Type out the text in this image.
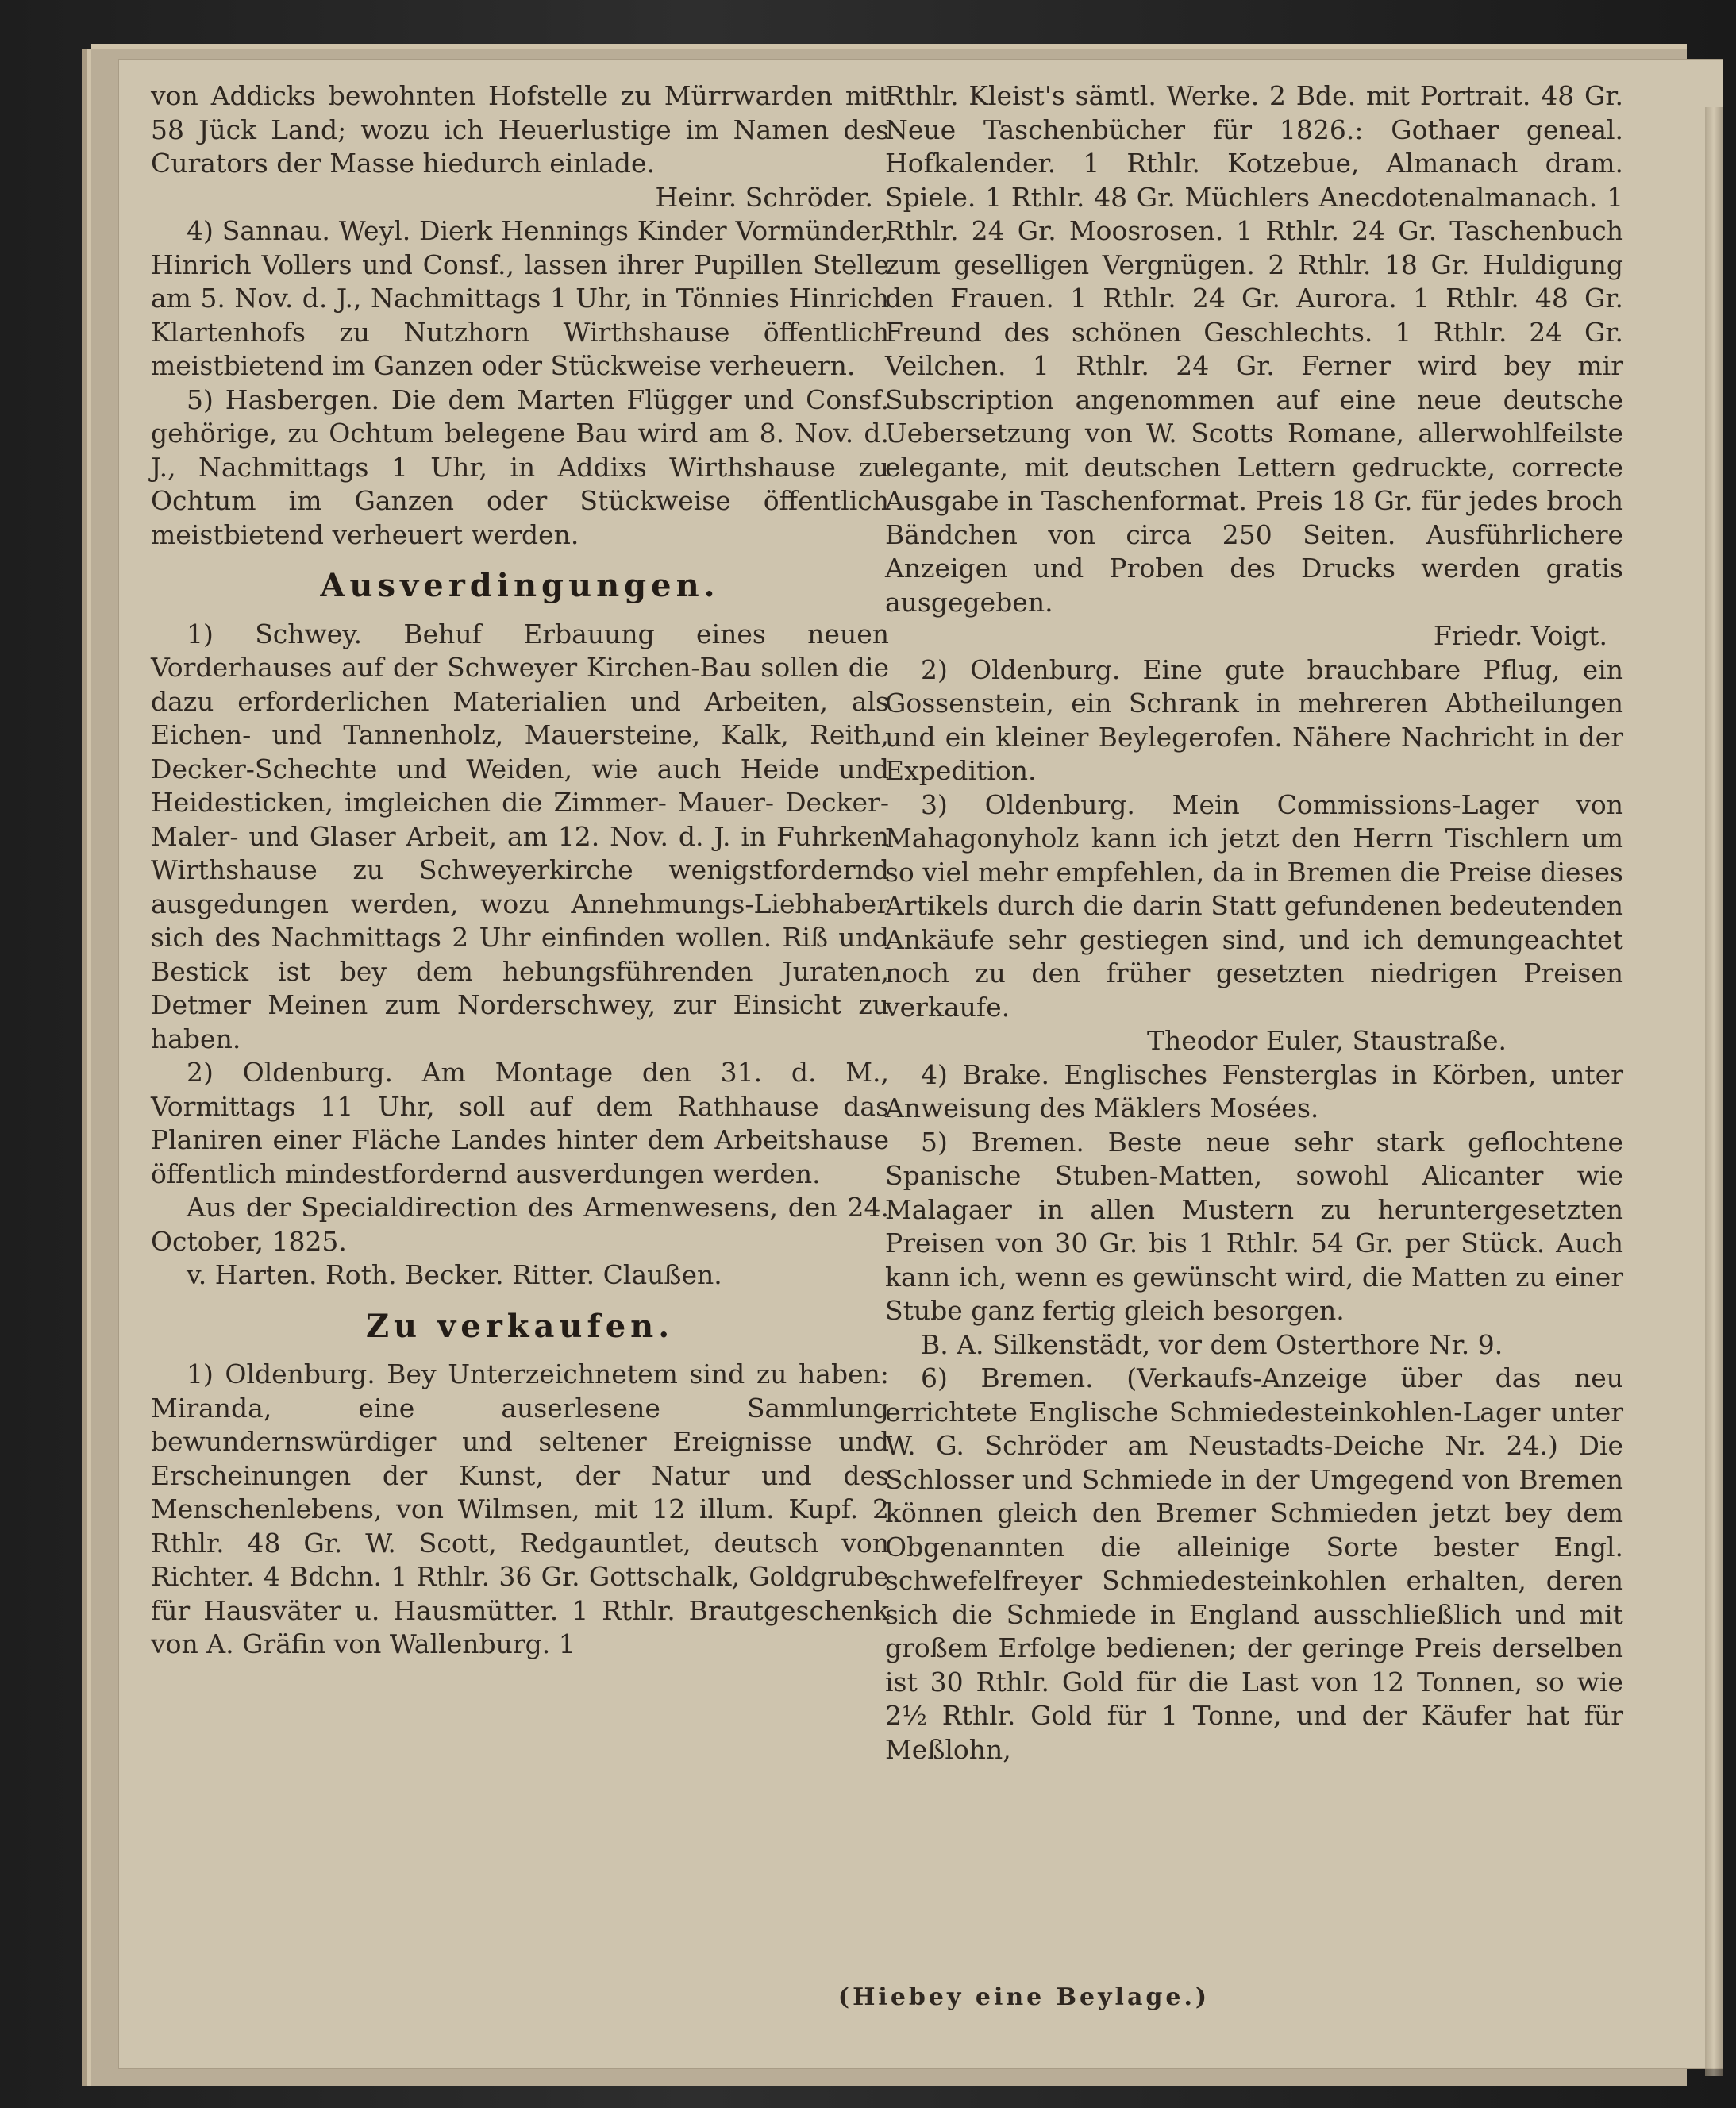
von Addicks bewohnten Hofstelle zu Mürrwarden mit 58 Jück Land; wozu ich Heuerlustige im Namen des Curators der Masse hiedurch einlade.

Heinr. Schröder.

4) Sannau. Weyl. Dierk Hennings Kinder Vormünder, Hinrich Vollers und Consf., lassen ihrer Pupillen Stelle am 5. Nov. d. J., Nachmittags 1 Uhr, in Tönnies Hinrich Klartenhofs zu Nutzhorn Wirthshause öffentlich meistbietend im Ganzen oder Stückweise verheuern.

5) Hasbergen. Die dem Marten Flügger und Consf. gehörige, zu Ochtum belegene Bau wird am 8. Nov. d. J., Nachmittags 1 Uhr, in Addixs Wirthshause zu Ochtum im Ganzen oder Stückweise öffentlich meistbietend verheuert werden.

Ausverdingungen.

1) Schwey. Behuf Erbauung eines neuen Vorderhauses auf der Schweyer Kirchen-Bau sollen die dazu erforderlichen Materialien und Arbeiten, als Eichen- und Tannenholz, Mauersteine, Kalk, Reith, Decker-Schechte und Weiden, wie auch Heide und Heidesticken, imgleichen die Zimmer- Mauer- Decker- Maler- und Glaser Arbeit, am 12. Nov. d. J. in Fuhrken Wirthshause zu Schweyerkirche wenigstfordernd ausgedungen werden, wozu Annehmungs-Liebhaber sich des Nachmittags 2 Uhr einfinden wollen. Riß und Bestick ist bey dem hebungsführenden Juraten, Detmer Meinen zum Norderschwey, zur Einsicht zu haben.

2) Oldenburg. Am Montage den 31. d. M., Vormittags 11 Uhr, soll auf dem Rathhause das Planiren einer Fläche Landes hinter dem Arbeitshause öffentlich mindestfordernd ausverdungen werden.

Aus der Specialdirection des Armenwesens, den 24. October, 1825.

v. Harten. Roth. Becker. Ritter. Claußen.

Zu verkaufen.

1) Oldenburg. Bey Unterzeichnetem sind zu haben: Miranda, eine auserlesene Sammlung bewundernswürdiger und seltener Ereignisse und Erscheinungen der Kunst, der Natur und des Menschenlebens, von Wilmsen, mit 12 illum. Kupf. 2 Rthlr. 48 Gr. W. Scott, Redgauntlet, deutsch von Richter. 4 Bdchn. 1 Rthlr. 36 Gr. Gottschalk, Goldgrube für Hausväter u. Hausmütter. 1 Rthlr. Brautgeschenk von A. Gräfin von Wallenburg. 1

Rthlr. Kleist's sämtl. Werke. 2 Bde. mit Portrait. 48 Gr. Neue Taschenbücher für 1826.: Gothaer geneal. Hofkalender. 1 Rthlr. Kotzebue, Almanach dram. Spiele. 1 Rthlr. 48 Gr. Müchlers Anecdotenalmanach. 1 Rthlr. 24 Gr. Moosrosen. 1 Rthlr. 24 Gr. Taschenbuch zum geselligen Vergnügen. 2 Rthlr. 18 Gr. Huldigung den Frauen. 1 Rthlr. 24 Gr. Aurora. 1 Rthlr. 48 Gr. Freund des schönen Geschlechts. 1 Rthlr. 24 Gr. Veilchen. 1 Rthlr. 24 Gr. Ferner wird bey mir Subscription angenommen auf eine neue deutsche Uebersetzung von W. Scotts Romane, allerwohlfeilste elegante, mit deutschen Lettern gedruckte, correcte Ausgabe in Taschenformat. Preis 18 Gr. für jedes broch Bändchen von circa 250 Seiten. Ausführlichere Anzeigen und Proben des Drucks werden gratis ausgegeben.

Friedr. Voigt.

2) Oldenburg. Eine gute brauchbare Pflug, ein Gossenstein, ein Schrank in mehreren Abtheilungen und ein kleiner Beylegerofen. Nähere Nachricht in der Expedition.

3) Oldenburg. Mein Commissions-Lager von Mahagonyholz kann ich jetzt den Herrn Tischlern um so viel mehr empfehlen, da in Bremen die Preise dieses Artikels durch die darin Statt gefundenen bedeutenden Ankäufe sehr gestiegen sind, und ich demungeachtet noch zu den früher gesetzten niedrigen Preisen verkaufe.

Theodor Euler, Staustraße.

4) Brake. Englisches Fensterglas in Körben, unter Anweisung des Mäklers Mosées.

5) Bremen. Beste neue sehr stark geflochtene Spanische Stuben-Matten, sowohl Alicanter wie Malagaer in allen Mustern zu heruntergesetzten Preisen von 30 Gr. bis 1 Rthlr. 54 Gr. per Stück. Auch kann ich, wenn es gewünscht wird, die Matten zu einer Stube ganz fertig gleich besorgen.

B. A. Silkenstädt, vor dem Osterthore Nr. 9.

6) Bremen. (Verkaufs-Anzeige über das neu errichtete Englische Schmiedesteinkohlen-Lager unter W. G. Schröder am Neustadts-Deiche Nr. 24.) Die Schlosser und Schmiede in der Umgegend von Bremen können gleich den Bremer Schmieden jetzt bey dem Obgenannten die alleinige Sorte bester Engl. schwefelfreyer Schmiedesteinkohlen erhalten, deren sich die Schmiede in England ausschließlich und mit großem Erfolge bedienen; der geringe Preis derselben ist 30 Rthlr. Gold für die Last von 12 Tonnen, so wie 2½ Rthlr. Gold für 1 Tonne, und der Käufer hat für Meßlohn,

(Hiebey eine Beylage.)
